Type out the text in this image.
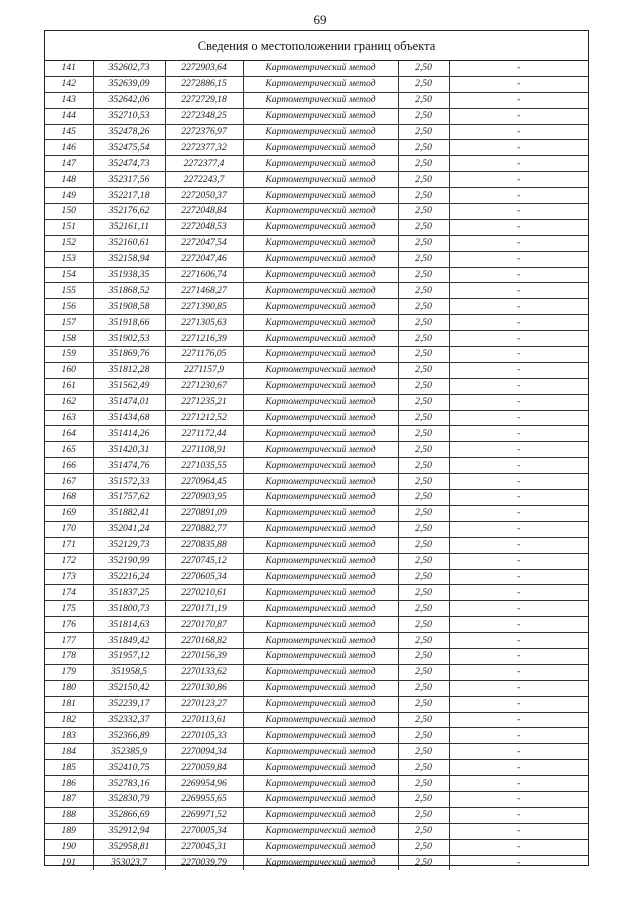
69
Сведения о местоположении границ объекта
141	352602,73	2272903,64	Картометрический метод	2,50	-
142	352639,09	2272886,15	Картометрический метод	2,50	-
143	352642,06	2272729,18	Картометрический метод	2,50	-
144	352710,53	2272348,25	Картометрический метод	2,50	-
145	352478,26	2272376,97	Картометрический метод	2,50	-
146	352475,54	2272377,32	Картометрический метод	2,50	-
147	352474,73	2272377,4	Картометрический метод	2,50	-
148	352317,56	2272243,7	Картометрический метод	2,50	-
149	352217,18	2272050,37	Картометрический метод	2,50	-
150	352176,62	2272048,84	Картометрический метод	2,50	-
151	352161,11	2272048,53	Картометрический метод	2,50	-
152	352160,61	2272047,54	Картометрический метод	2,50	-
153	352158,94	2272047,46	Картометрический метод	2,50	-
154	351938,35	2271606,74	Картометрический метод	2,50	-
155	351868,52	2271468,27	Картометрический метод	2,50	-
156	351908,58	2271390,85	Картометрический метод	2,50	-
157	351918,66	2271305,63	Картометрический метод	2,50	-
158	351902,53	2271216,39	Картометрический метод	2,50	-
159	351869,76	2271176,05	Картометрический метод	2,50	-
160	351812,28	2271157,9	Картометрический метод	2,50	-
161	351562,49	2271230,67	Картометрический метод	2,50	-
162	351474,01	2271235,21	Картометрический метод	2,50	-
163	351434,68	2271212,52	Картометрический метод	2,50	-
164	351414,26	2271172,44	Картометрический метод	2,50	-
165	351420,31	2271108,91	Картометрический метод	2,50	-
166	351474,76	2271035,55	Картометрический метод	2,50	-
167	351572,33	2270964,45	Картометрический метод	2,50	-
168	351757,62	2270903,95	Картометрический метод	2,50	-
169	351882,41	2270891,09	Картометрический метод	2,50	-
170	352041,24	2270882,77	Картометрический метод	2,50	-
171	352129,73	2270835,88	Картометрический метод	2,50	-
172	352190,99	2270745,12	Картометрический метод	2,50	-
173	352216,24	2270605,34	Картометрический метод	2,50	-
174	351837,25	2270210,61	Картометрический метод	2,50	-
175	351800,73	2270171,19	Картометрический метод	2,50	-
176	351814,63	2270170,87	Картометрический метод	2,50	-
177	351849,42	2270168,82	Картометрический метод	2,50	-
178	351957,12	2270156,39	Картометрический метод	2,50	-
179	351958,5	2270133,62	Картометрический метод	2,50	-
180	352150,42	2270130,86	Картометрический метод	2,50	-
181	352239,17	2270123,27	Картометрический метод	2,50	-
182	352332,37	2270113,61	Картометрический метод	2,50	-
183	352366,89	2270105,33	Картометрический метод	2,50	-
184	352385,9	2270094,34	Картометрический метод	2,50	-
185	352410,75	2270059,84	Картометрический метод	2,50	-
186	352783,16	2269954,96	Картометрический метод	2,50	-
187	352830,79	2269955,65	Картометрический метод	2,50	-
188	352866,69	2269971,52	Картометрический метод	2,50	-
189	352912,94	2270005,34	Картометрический метод	2,50	-
190	352958,81	2270045,31	Картометрический метод	2,50	-
191	353023,7	2270039,79	Картометрический метод	2,50	-
